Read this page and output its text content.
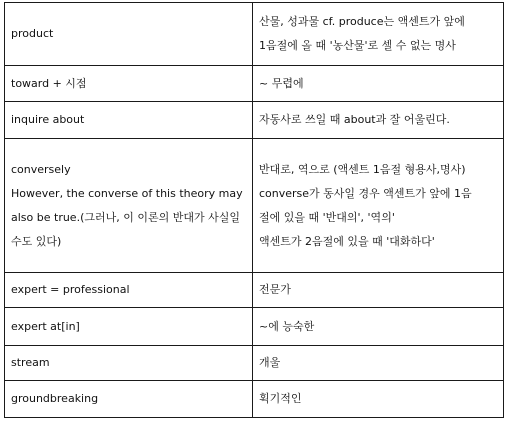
product	산물, 성과물 cf. produce는 액센트가 앞에
1음절에 올 때 '농산물'로 셀 수 없는 명사

toward + 시점	~ 무렵에

inquire about	자동사로 쓰일 때 about과 잘 어울린다.

conversely
However, the converse of this theory may also be true.(그러나, 이 이론의 반대가 사실일 수도 있다)	반대로, 역으로 (액센트 1음절 형용사,명사)
converse가 동사일 경우 액센트가 앞에 1음
절에 있을 때 '반대의', '역의'
액센트가 2음절에 있을 때 '대화하다'

expert = professional	전문가

expert at[in]	~에 능숙한

stream	개울

groundbreaking	획기적인
